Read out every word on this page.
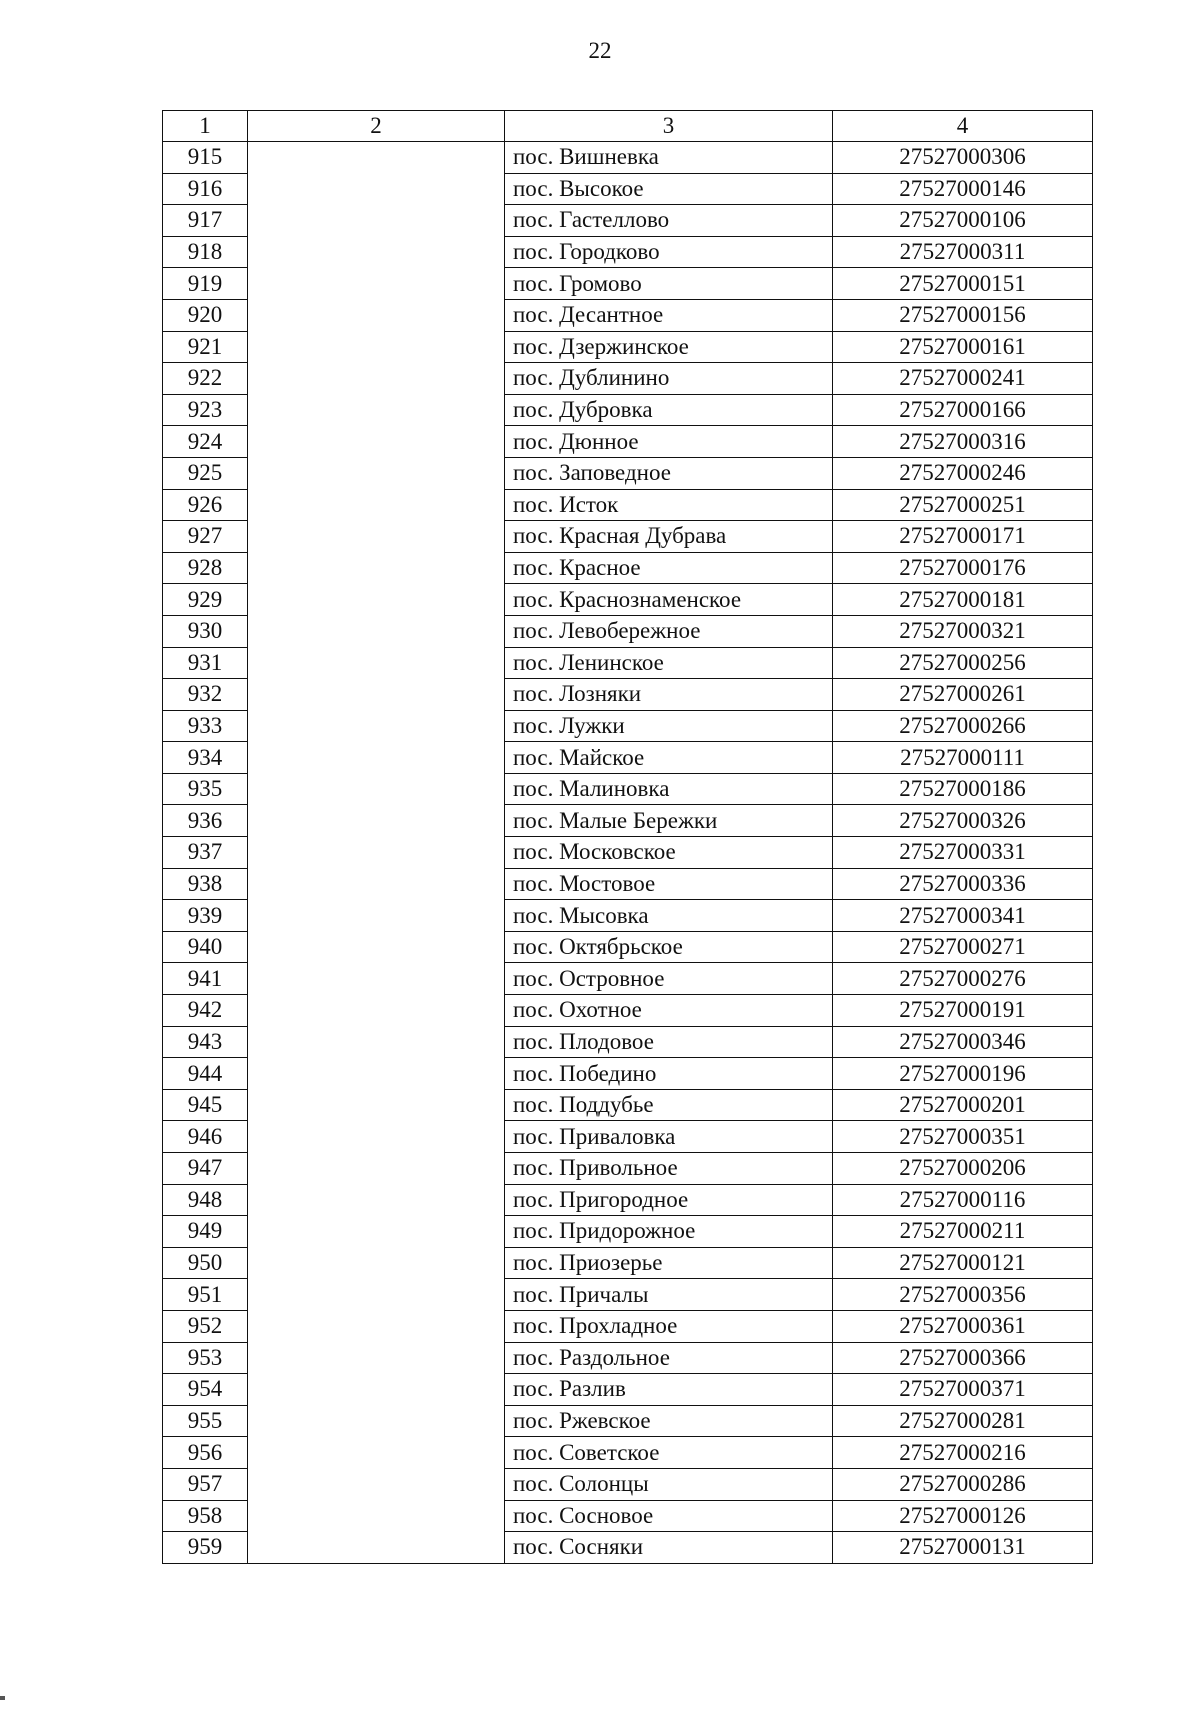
22
1	2	3	4
915		пос. Вишневка	27527000306
916		пос. Высокое	27527000146
917		пос. Гастеллово	27527000106
918		пос. Городково	27527000311
919		пос. Громово	27527000151
920		пос. Десантное	27527000156
921		пос. Дзержинское	27527000161
922		пос. Дублинино	27527000241
923		пос. Дубровка	27527000166
924		пос. Дюнное	27527000316
925		пос. Заповедное	27527000246
926		пос. Исток	27527000251
927		пос. Красная Дубрава	27527000171
928		пос. Красное	27527000176
929		пос. Краснознаменское	27527000181
930		пос. Левобережное	27527000321
931		пос. Ленинское	27527000256
932		пос. Лозняки	27527000261
933		пос. Лужки	27527000266
934		пос. Майское	27527000111
935		пос. Малиновка	27527000186
936		пос. Малые Бережки	27527000326
937		пос. Московское	27527000331
938		пос. Мостовое	27527000336
939		пос. Мысовка	27527000341
940		пос. Октябрьское	27527000271
941		пос. Островное	27527000276
942		пос. Охотное	27527000191
943		пос. Плодовое	27527000346
944		пос. Победино	27527000196
945		пос. Поддубье	27527000201
946		пос. Приваловка	27527000351
947		пос. Привольное	27527000206
948		пос. Пригородное	27527000116
949		пос. Придорожное	27527000211
950		пос. Приозерье	27527000121
951		пос. Причалы	27527000356
952		пос. Прохладное	27527000361
953		пос. Раздольное	27527000366
954		пос. Разлив	27527000371
955		пос. Ржевское	27527000281
956		пос. Советское	27527000216
957		пос. Солонцы	27527000286
958		пос. Сосновое	27527000126
959		пос. Сосняки	27527000131
